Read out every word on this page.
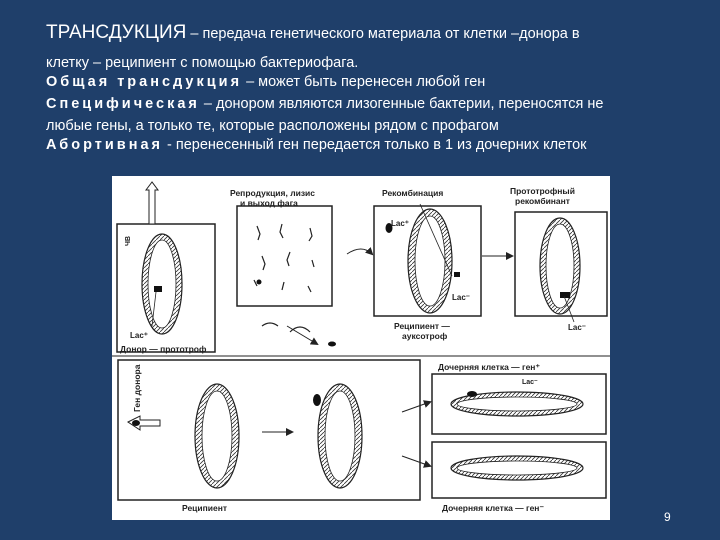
ТРАНСДУКЦИЯ – передача генетического материала от клетки –донора в
клетку – реципиент с помощью бактериофага.
Общая трансдукция – может быть перенесен любой ген
Специфическая – донором являются лизогенные бактерии, переносятся не
любые гены, а только те, которые расположены рядом с профагом
Абортивная - перенесенный ген передается только в 1 из дочерних клеток
ЧВ
Lac⁺
Донор — прототроф
Репродукция, лизис
и выход фага
Рекомбинация
Lac⁺
Lac⁻
Реципиент —
ауксотроф
Прототрофный
рекомбинант
Lac⁻
Ген донора
Реципиент
Дочерняя клетка — ген⁺
Дочерняя клетка — ген⁻
Lac⁻
9
